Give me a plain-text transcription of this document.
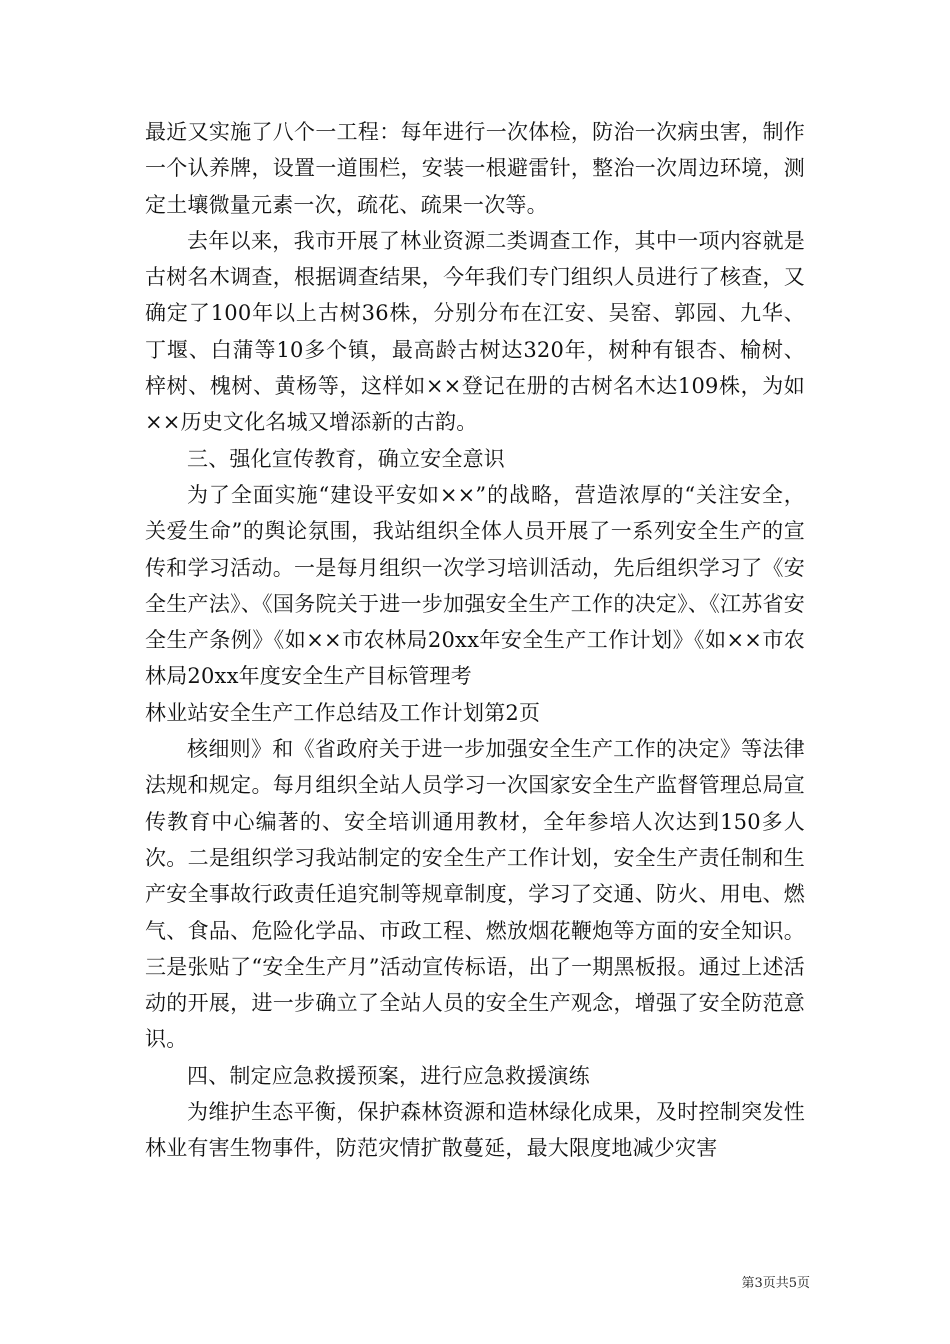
最近又实施了八个一工程：每年进行一次体检，防治一次病虫害，制作一个认养牌，设置一道围栏，安装一根避雷针，整治一次周边环境，测定土壤微量元素一次，疏花、疏果一次等。

去年以来，我市开展了林业资源二类调查工作，其中一项内容就是古树名木调查，根据调查结果，今年我们专门组织人员进行了核查，又确定了100年以上古树36株，分别分布在江安、吴窑、郭园、九华、丁堰、白蒲等10多个镇，最高龄古树达320年，树种有银杏、榆树、梓树、槐树、黄杨等，这样如××登记在册的古树名木达109株，为如××历史文化名城又增添新的古韵。

三、强化宣传教育，确立安全意识

为了全面实施“建设平安如××”的战略，营造浓厚的“关注安全，关爱生命”的舆论氛围，我站组织全体人员开展了一系列安全生产的宣传和学习活动。一是每月组织一次学习培训活动，先后组织学习了《安全生产法》、《国务院关于进一步加强安全生产工作的决定》、《江苏省安全生产条例》《如××市农林局20xx年安全生产工作计划》《如××市农林局20xx年度安全生产目标管理考

林业站安全生产工作总结及工作计划第2页

核细则》和《省政府关于进一步加强安全生产工作的决定》等法律法规和规定。每月组织全站人员学习一次国家安全生产监督管理总局宣传教育中心编著的、安全培训通用教材，全年参培人次达到150多人次。二是组织学习我站制定的安全生产工作计划，安全生产责任制和生产安全事故行政责任追究制等规章制度，学习了交通、防火、用电、燃气、食品、危险化学品、市政工程、燃放烟花鞭炮等方面的安全知识。三是张贴了“安全生产月”活动宣传标语，出了一期黑板报。通过上述活动的开展，进一步确立了全站人员的安全生产观念，增强了安全防范意识。

四、制定应急救援预案，进行应急救援演练

为维护生态平衡，保护森林资源和造林绿化成果，及时控制突发性林业有害生物事件，防范灾情扩散蔓延，最大限度地减少灾害

第3页共5页
